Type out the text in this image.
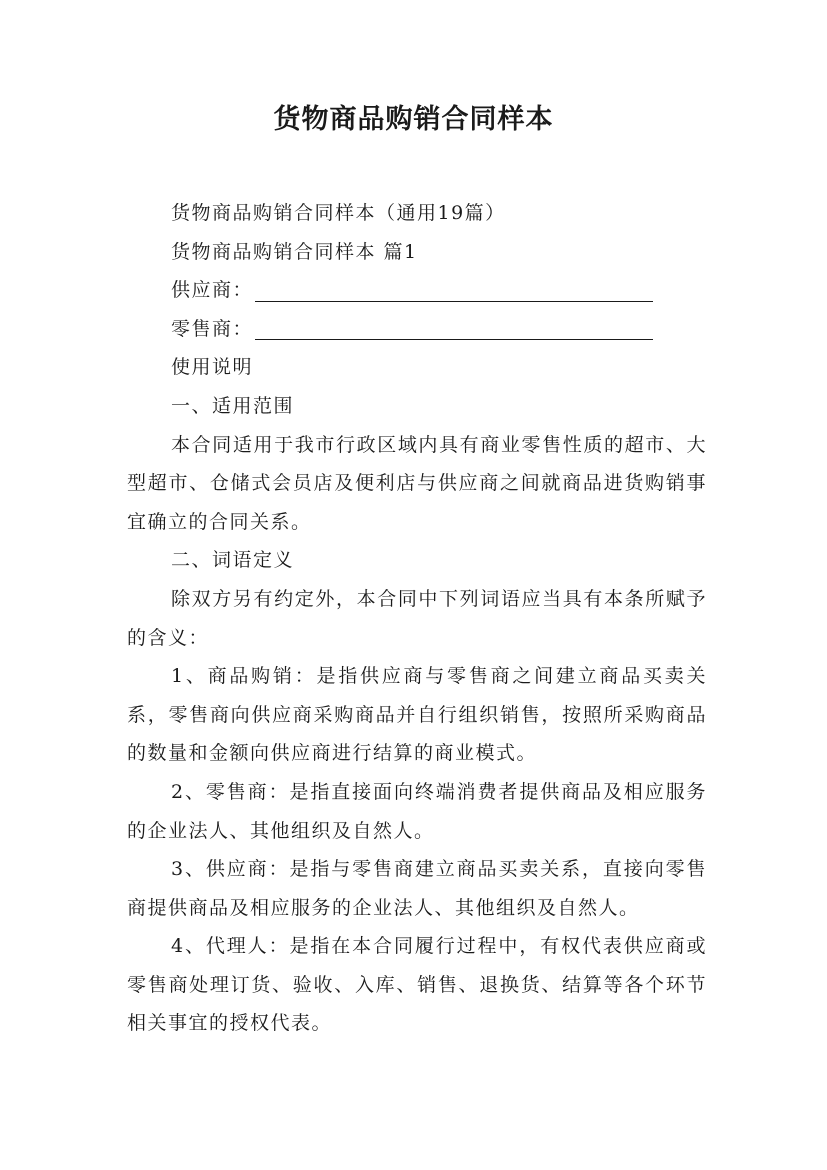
货物商品购销合同样本
货物商品购销合同样本（通用19篇）
货物商品购销合同样本 篇1
供应商：
零售商：
使用说明
一、适用范围
本合同适用于我市行政区域内具有商业零售性质的超市、大型超市、仓储式会员店及便利店与供应商之间就商品进货购销事宜确立的合同关系。
二、词语定义
除双方另有约定外，本合同中下列词语应当具有本条所赋予的含义：
1、商品购销：是指供应商与零售商之间建立商品买卖关系，零售商向供应商采购商品并自行组织销售，按照所采购商品的数量和金额向供应商进行结算的商业模式。
2、零售商：是指直接面向终端消费者提供商品及相应服务的企业法人、其他组织及自然人。
3、供应商：是指与零售商建立商品买卖关系，直接向零售商提供商品及相应服务的企业法人、其他组织及自然人。
4、代理人：是指在本合同履行过程中，有权代表供应商或零售商处理订货、验收、入库、销售、退换货、结算等各个环节相关事宜的授权代表。
